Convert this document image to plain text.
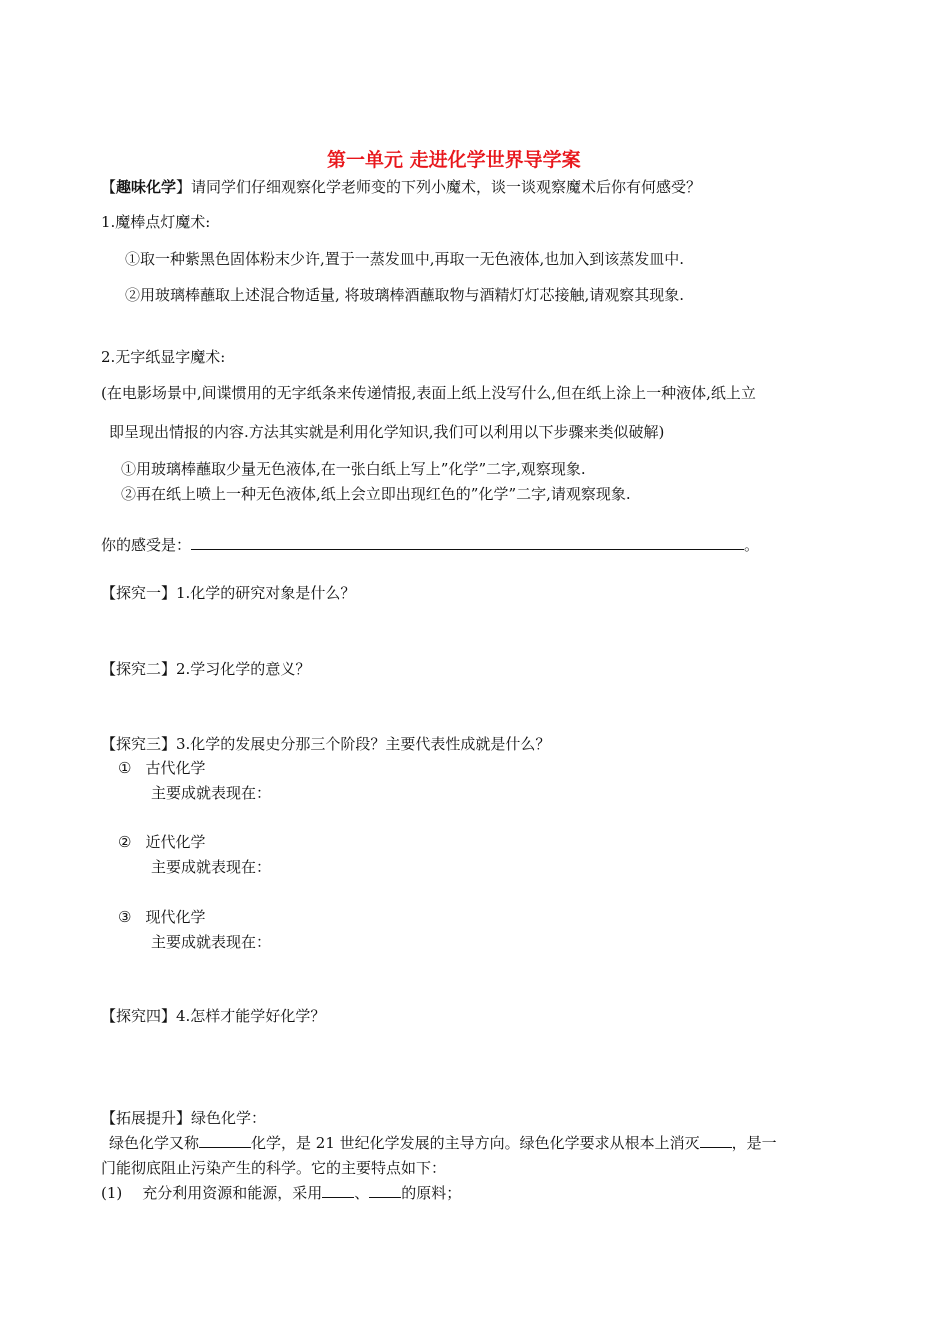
第一单元 走进化学世界导学案
【趣味化学】请同学们仔细观察化学老师变的下列小魔术，谈一谈观察魔术后你有何感受？
1.魔棒点灯魔术:
①取一种紫黑色固体粉末少许,置于一蒸发皿中,再取一无色液体,也加入到该蒸发皿中.
②用玻璃棒蘸取上述混合物适量, 将玻璃棒酒蘸取物与酒精灯灯芯接触,请观察其现象.
2.无字纸显字魔术:
(在电影场景中,间谍惯用的无字纸条来传递情报,表面上纸上没写什么,但在纸上涂上一种液体,纸上立
即呈现出情报的内容.方法其实就是利用化学知识,我们可以利用以下步骤来类似破解)
①用玻璃棒蘸取少量无色液体,在一张白纸上写上”化学”二字,观察现象.
②再在纸上喷上一种无色液体,纸上会立即出现红色的”化学”二字,请观察现象.
你的感受是：	。
【探究一】1.化学的研究对象是什么？
【探究二】2.学习化学的意义？
【探究三】3.化学的发展史分那三个阶段？主要代表性成就是什么？
① 古代化学
主要成就表现在：
② 近代化学
主要成就表现在：
③ 现代化学
主要成就表现在：
【探究四】4.怎样才能学好化学？
【拓展提升】绿色化学：
绿色化学又称	化学，是 21 世纪化学发展的主导方向。绿色化学要求从根本上消灭 ，是一
门能彻底阻止污染产生的科学。它的主要特点如下：
(1) 充分利用资源和能源，采用 、 的原料；
